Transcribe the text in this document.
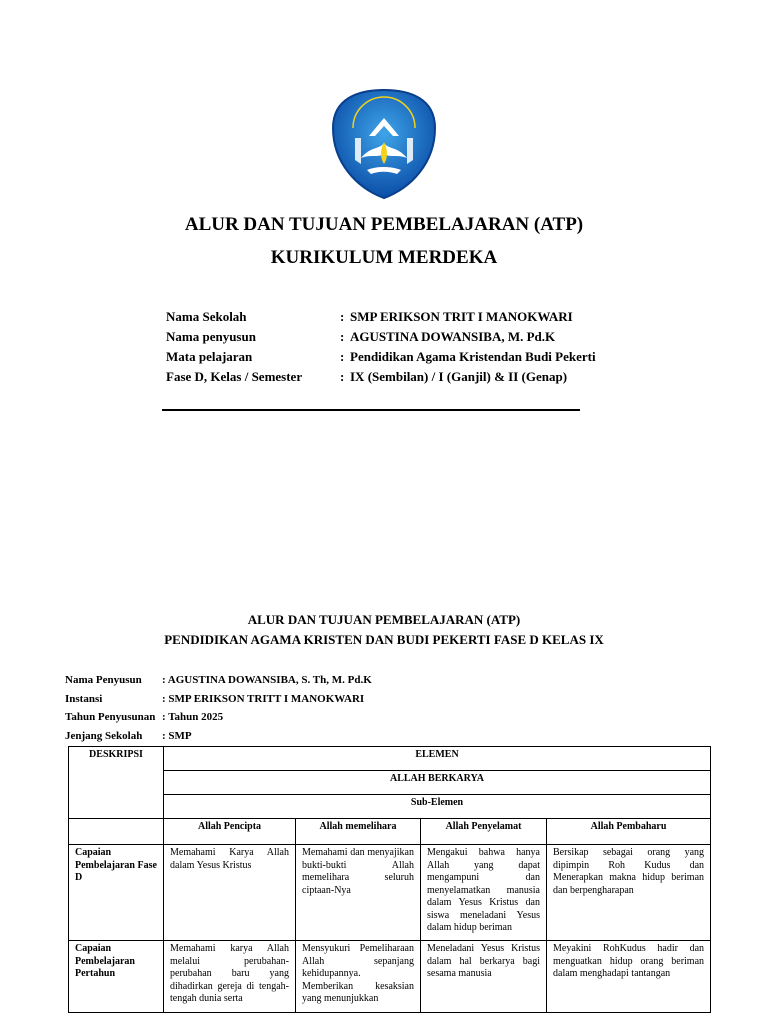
ALUR DAN TUJUAN PEMBELAJARAN (ATP)
KURIKULUM MERDEKA
Nama Sekolah	: SMP ERIKSON TRIT I MANOKWARI
Nama penyusun	: AGUSTINA DOWANSIBA, M. Pd.K
Mata pelajaran	: Pendidikan Agama Kristendan Budi Pekerti
Fase D, Kelas / Semester	: IX (Sembilan) / I (Ganjil) & II (Genap)
ALUR DAN TUJUAN PEMBELAJARAN (ATP)
PENDIDIKAN AGAMA KRISTEN DAN BUDI PEKERTI FASE D KELAS IX
Nama Penyusun	: AGUSTINA DOWANSIBA, S. Th, M. Pd.K
Instansi	: SMP ERIKSON TRITT I MANOKWARI
Tahun Penyusunan : Tahun 2025
Jenjang Sekolah	: SMP
DESKRIPSI	ELEMEN			
	ALLAH BERKARYA			
	Sub-Elemen			
	Allah Pencipta	Allah memelihara	Allah Penyelamat	Allah Pembaharu
Capaian Pembelajaran Fase D	Memahami Karya Allah dalam Yesus Kristus	Memahami dan menyajikan bukti-bukti Allah memelihara seluruh ciptaan-Nya	Mengakui bahwa hanya Allah yang dapat mengampuni dan menyelamatkan manusia dalam Yesus Kristus dan siswa meneladani Yesus dalam hidup beriman	Bersikap sebagai orang yang dipimpin Roh Kudus dan Menerapkan makna hidup beriman dan berpengharapan
Capaian Pembelajaran Pertahun	Memahami karya Allah melalui perubahan-perubahan baru yang dihadirkan gereja di tengah-tengah dunia serta	Mensyukuri Pemeliharaan Allah sepanjang kehidupannya. Memberikan kesaksian yang menunjukkan	Meneladani Yesus Kristus dalam hal berkarya bagi sesama manusia	Meyakini RohKudus hadir dan menguatkan hidup orang beriman dalam menghadapi tantangan
